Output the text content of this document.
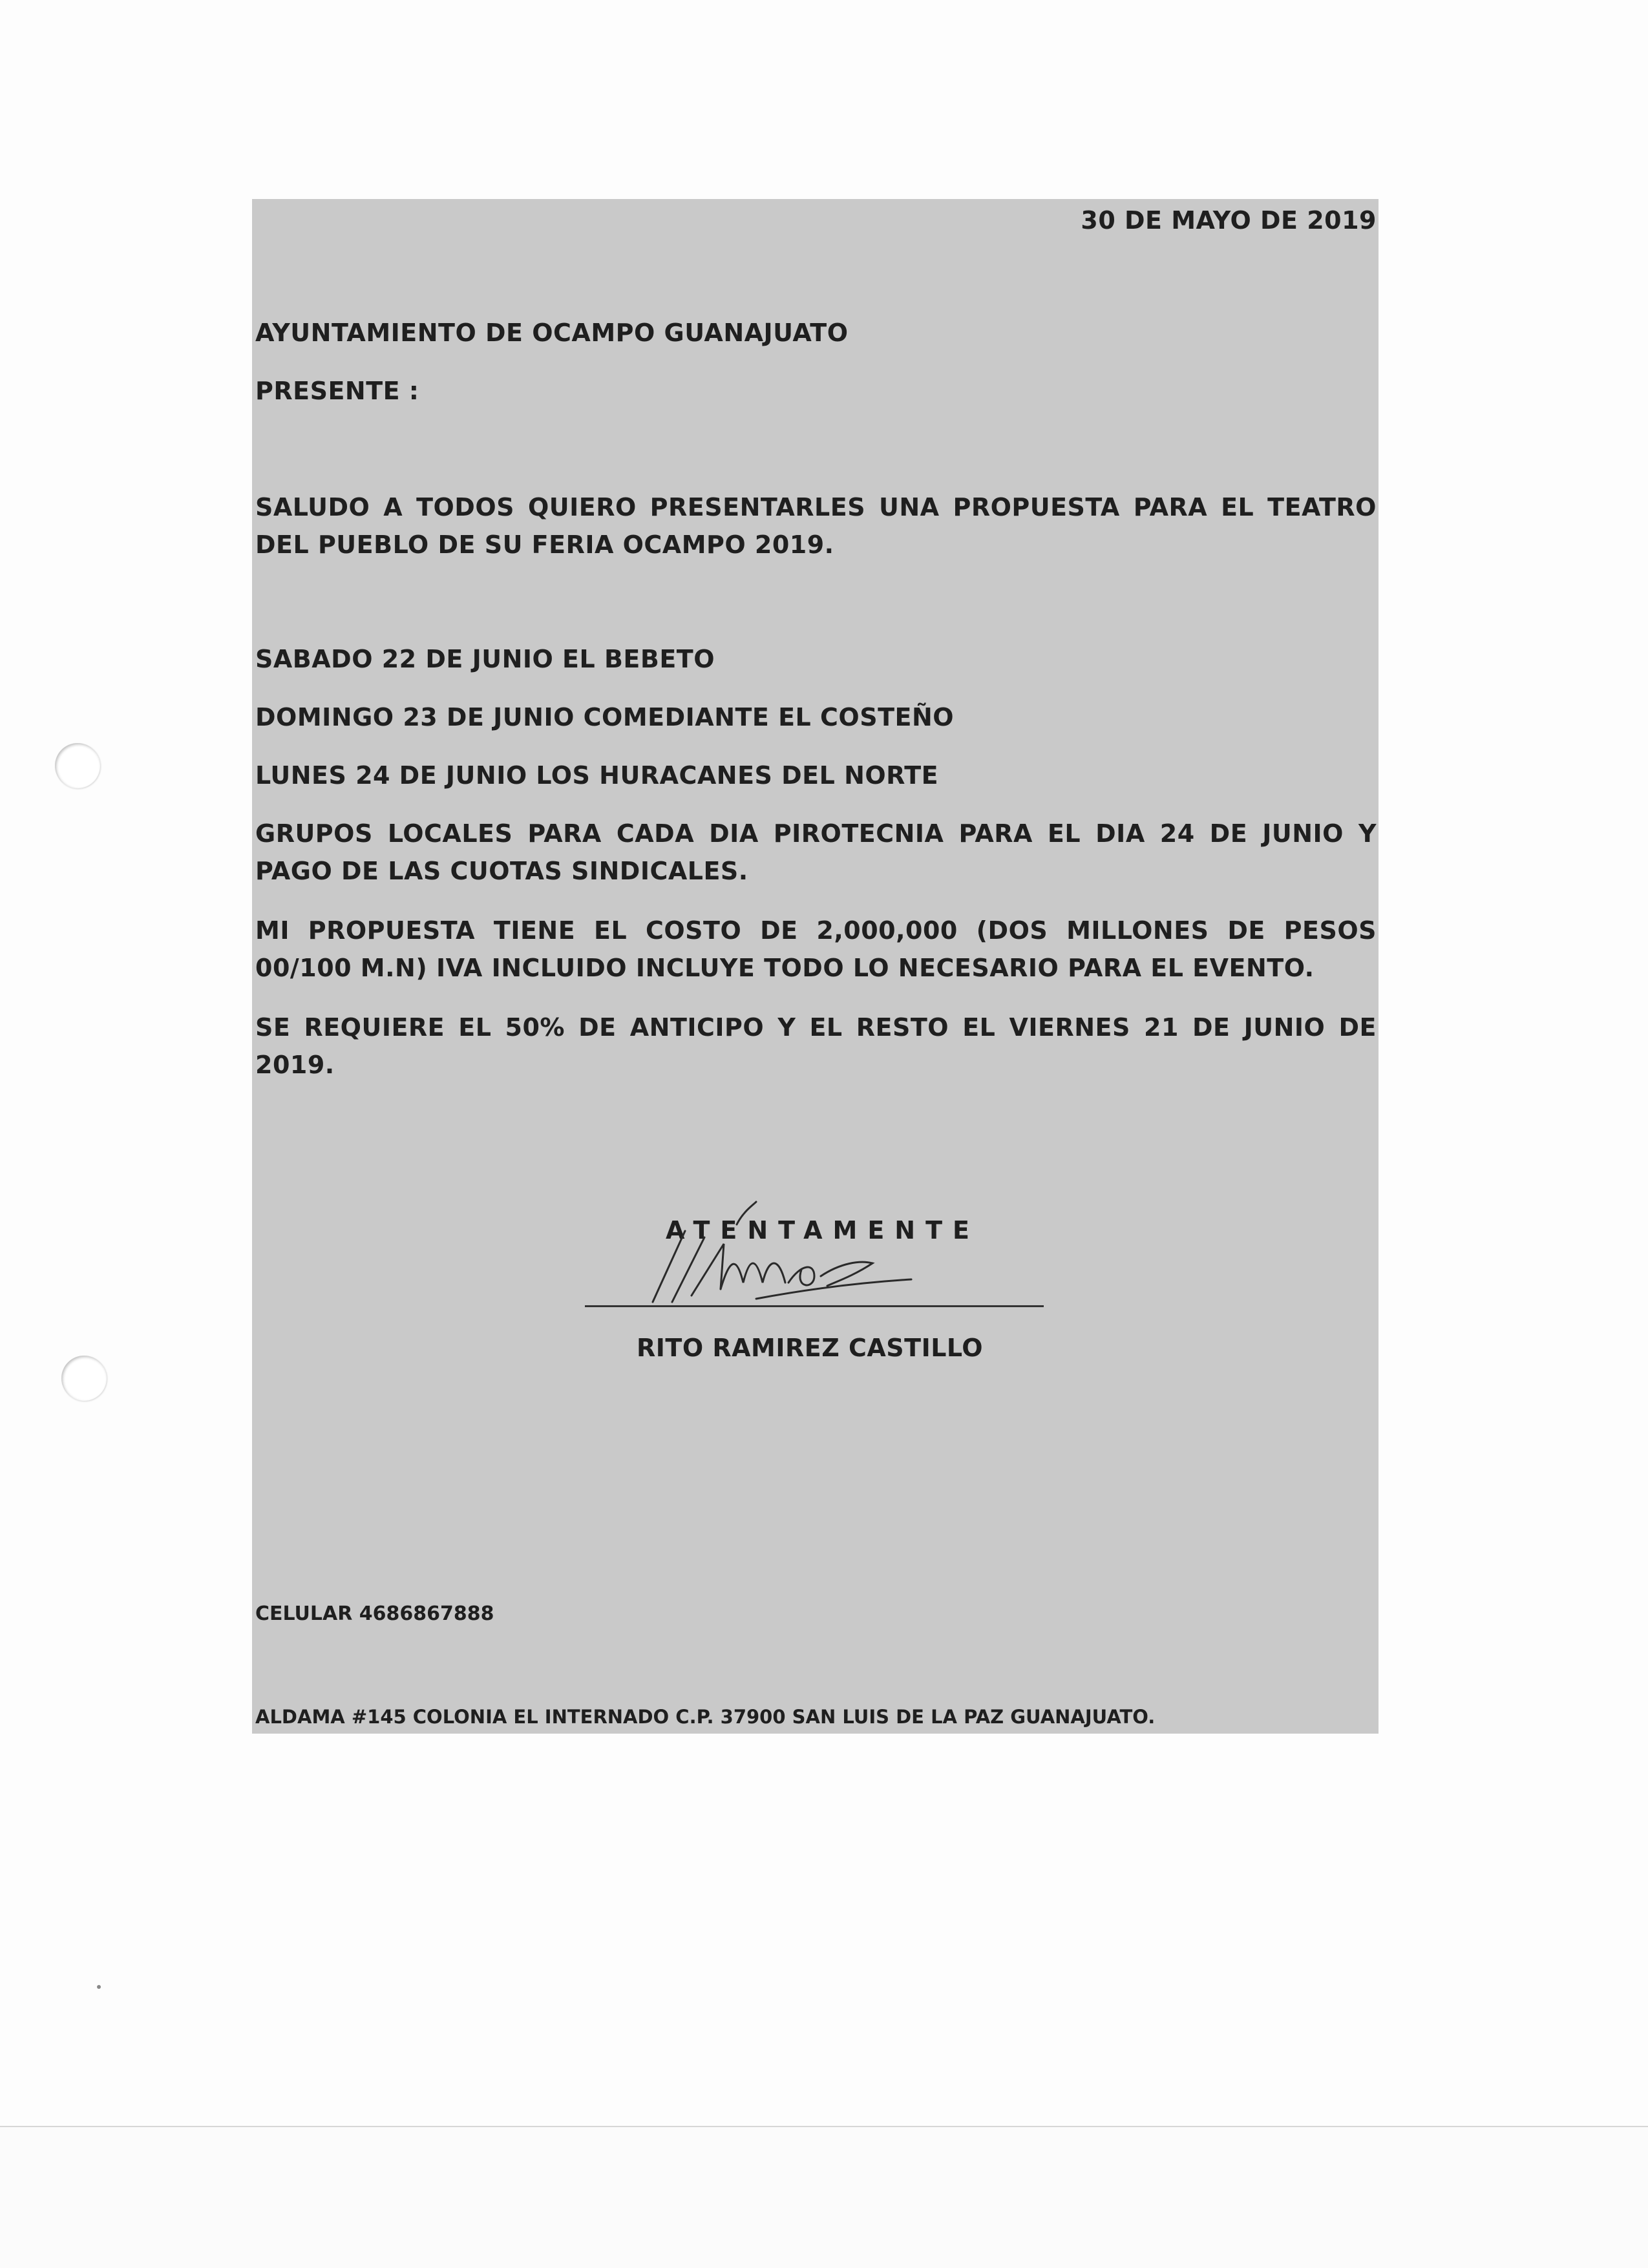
30 DE MAYO DE 2019
AYUNTAMIENTO DE OCAMPO GUANAJUATO
PRESENTE :
SALUDO A TODOS QUIERO PRESENTARLES UNA PROPUESTA PARA EL TEATRO DEL PUEBLO DE SU FERIA OCAMPO 2019.
SABADO 22 DE JUNIO EL BEBETO
DOMINGO 23 DE JUNIO COMEDIANTE EL COSTEÑO
LUNES 24 DE JUNIO LOS HURACANES DEL NORTE
GRUPOS LOCALES PARA CADA DIA PIROTECNIA PARA EL DIA 24 DE JUNIO Y PAGO DE LAS CUOTAS SINDICALES.
MI PROPUESTA TIENE EL COSTO DE 2,000,000 (DOS MILLONES DE PESOS 00/100 M.N) IVA INCLUIDO INCLUYE TODO LO NECESARIO PARA EL EVENTO.
SE REQUIERE EL 50% DE ANTICIPO Y EL RESTO EL VIERNES 21 DE JUNIO DE 2019.
ATENTAMENTE
RITO RAMIREZ CASTILLO
CELULAR 4686867888
ALDAMA #145 COLONIA EL INTERNADO C.P. 37900 SAN LUIS DE LA PAZ GUANAJUATO.
